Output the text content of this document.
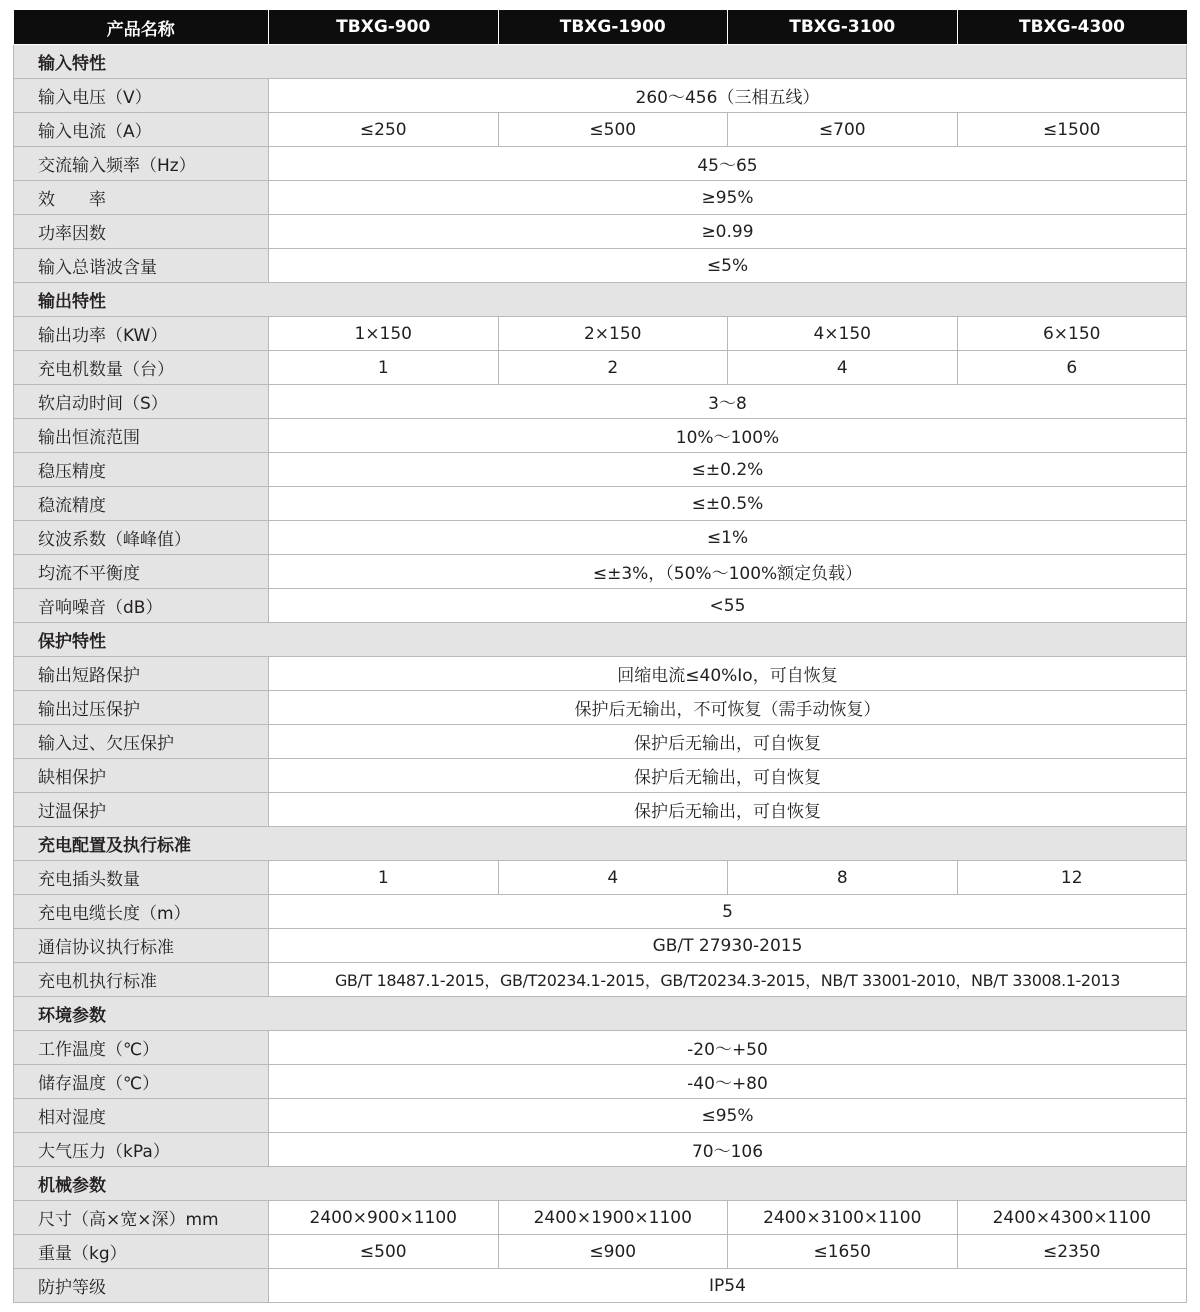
产品名称	TBXG-900	TBXG-1900	TBXG-3100	TBXG-4300
输入特性				
输入电压（V）	260～456（三相五线）			
输入电流（A）	≤250	≤500	≤700	≤1500
交流输入频率（Hz）	45～65			
效　　率	≥95%			
功率因数	≥0.99			
输入总谐波含量	≤5%			
输出特性				
输出功率（KW）	1×150	2×150	4×150	6×150
充电机数量（台）	1	2	4	6
软启动时间（S）	3～8			
输出恒流范围	10%～100%			
稳压精度	≤±0.2%			
稳流精度	≤±0.5%			
纹波系数（峰峰值）	≤1%			
均流不平衡度	≤±3%，（50%～100%额定负载）			
音响噪音（dB）	<55			
保护特性				
输出短路保护	回缩电流≤40%Io，可自恢复			
输出过压保护	保护后无输出，不可恢复（需手动恢复）			
输入过、欠压保护	保护后无输出，可自恢复			
缺相保护	保护后无输出，可自恢复			
过温保护	保护后无输出，可自恢复			
充电配置及执行标准				
充电插头数量	1	4	8	12
充电电缆长度（m）	5			
通信协议执行标准	GB/T 27930-2015			
充电机执行标准	GB/T 18487.1-2015，GB/T20234.1-2015，GB/T20234.3-2015，NB/T 33001-2010，NB/T 33008.1-2013			
环境参数				
工作温度（℃）	-20～+50			
储存温度（℃）	-40～+80			
相对湿度	≤95%			
大气压力（kPa）	70～106			
机械参数				
尺寸（高×宽×深）mm	2400×900×1100	2400×1900×1100	2400×3100×1100	2400×4300×1100
重量（kg）	≤500	≤900	≤1650	≤2350
防护等级	IP54			
